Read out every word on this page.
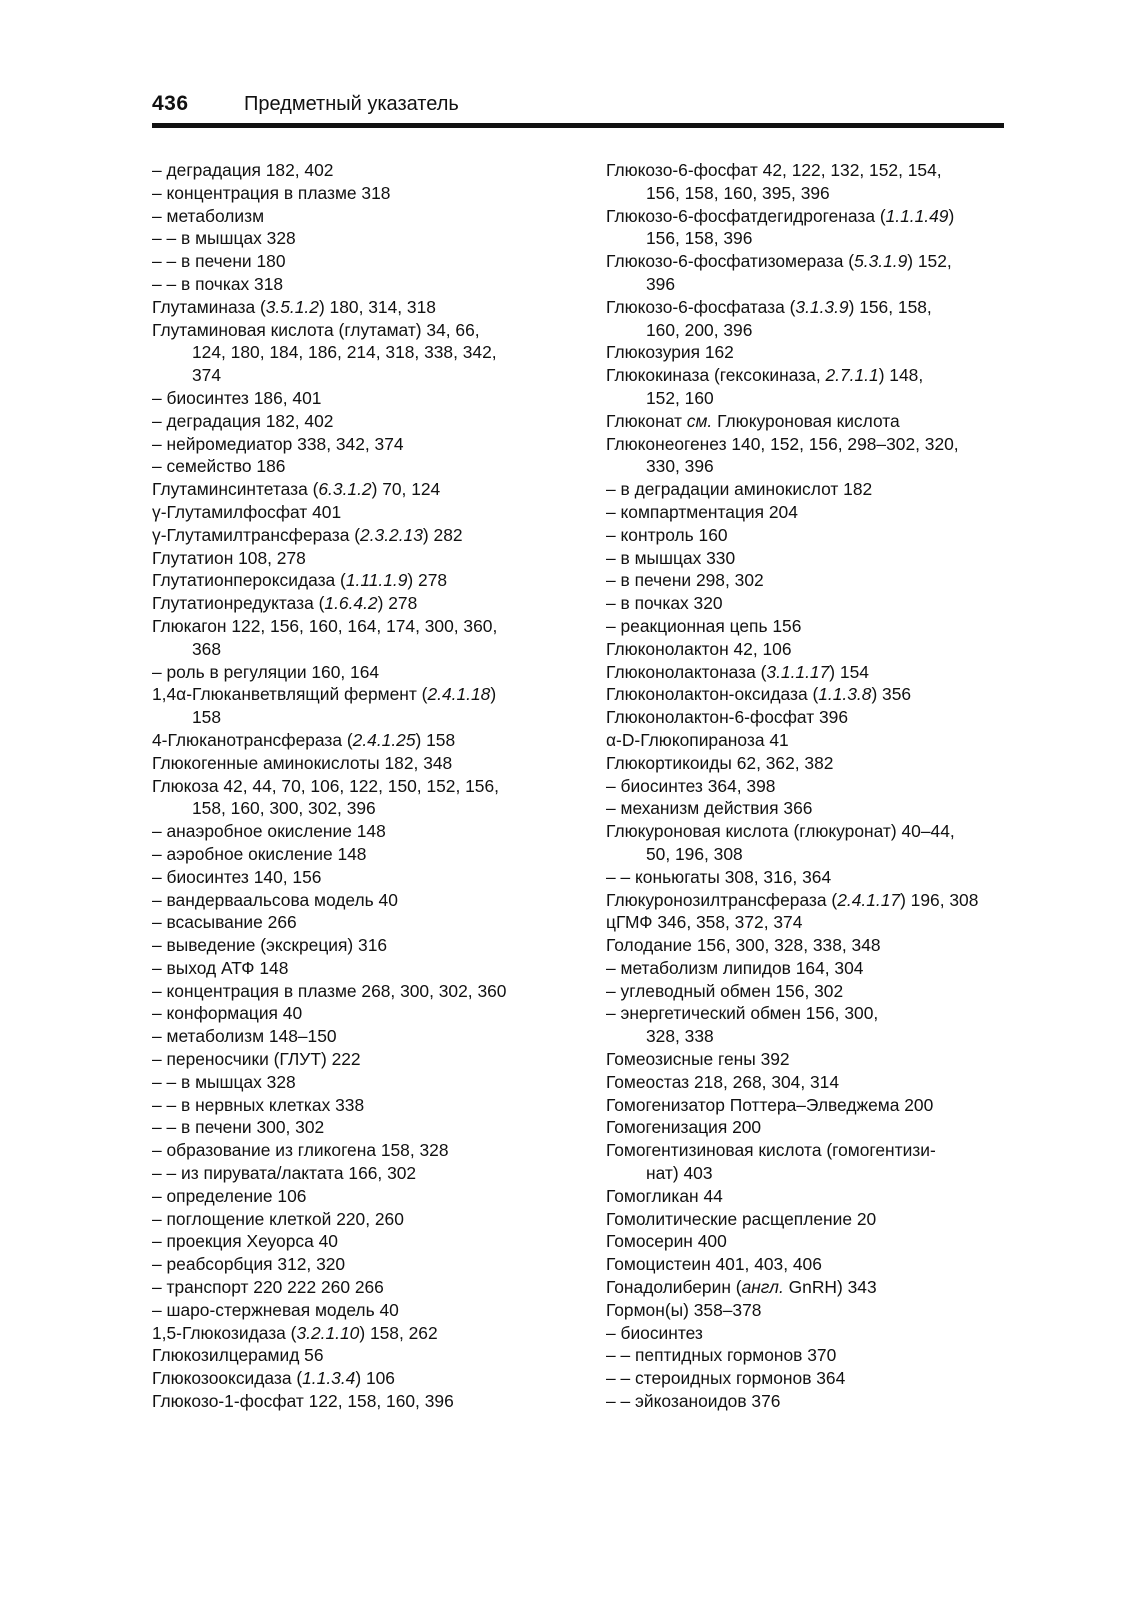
436	Предметный указатель
– деградация 182, 402
– концентрация в плазме 318
– метаболизм
– – в мышцах 328
– – в печени 180
– – в почках 318
Глутаминаза (3.5.1.2) 180, 314, 318
Глутаминовая кислота (глутамат) 34, 66,
124, 180, 184, 186, 214, 318, 338, 342,
374
– биосинтез 186, 401
– деградация 182, 402
– нейромедиатор 338, 342, 374
– семейство 186
Глутаминсинтетаза (6.3.1.2) 70, 124
γ-Глутамилфосфат 401
γ-Глутамилтрансфераза (2.3.2.13) 282
Глутатион 108, 278
Глутатионпероксидаза (1.11.1.9) 278
Глутатионредуктаза (1.6.4.2) 278
Глюкагон 122, 156, 160, 164, 174, 300, 360,
368
– роль в регуляции 160, 164
1,4α-Глюканветвлящий фермент (2.4.1.18)
158
4-Глюканотрансфераза (2.4.1.25) 158
Глюкогенные аминокислоты 182, 348
Глюкоза 42, 44, 70, 106, 122, 150, 152, 156,
158, 160, 300, 302, 396
– анаэробное окисление 148
– аэробное окисление 148
– биосинтез 140, 156
– вандерваальсова модель 40
– всасывание 266
– выведение (экскреция) 316
– выход АТФ 148
– концентрация в плазме 268, 300, 302, 360
– конформация 40
– метаболизм 148–150
– переносчики (ГЛУТ) 222
– – в мышцах 328
– – в нервных клетках 338
– – в печени 300, 302
– образование из гликогена 158, 328
– – из пирувата/лактата 166, 302
– определение 106
– поглощение клеткой 220, 260
– проекция Хеуорса 40
– реабсорбция 312, 320
– транспорт 220 222 260 266
– шаро-стержневая модель 40
1,5-Глюкозидаза (3.2.1.10) 158, 262
Глюкозилцерамид 56
Глюкозооксидаза (1.1.3.4) 106
Глюкозо-1-фосфат 122, 158, 160, 396
Глюкозо-6-фосфат 42, 122, 132, 152, 154,
156, 158, 160, 395, 396
Глюкозо-6-фосфатдегидрогеназа (1.1.1.49)
156, 158, 396
Глюкозо-6-фосфатизомераза (5.3.1.9) 152,
396
Глюкозо-6-фосфатаза (3.1.3.9) 156, 158,
160, 200, 396
Глюкозурия 162
Глюкокиназа (гексокиназа, 2.7.1.1) 148,
152, 160
Глюконат см. Глюкуроновая кислота
Глюконеогенез 140, 152, 156, 298–302, 320,
330, 396
– в деградации аминокислот 182
– компартментация 204
– контроль 160
– в мышцах 330
– в печени 298, 302
– в почках 320
– реакционная цепь 156
Глюконолактон 42, 106
Глюконолактоназа (3.1.1.17) 154
Глюконолактон-оксидаза (1.1.3.8) 356
Глюконолактон-6-фосфат 396
α-D-Глюкопираноза 41
Глюкортикоиды 62, 362, 382
– биосинтез 364, 398
– механизм действия 366
Глюкуроновая кислота (глюкуронат) 40–44,
50, 196, 308
– – коньюгаты 308, 316, 364
Глюкуронозилтрансфераза (2.4.1.17) 196, 308
цГМФ 346, 358, 372, 374
Голодание 156, 300, 328, 338, 348
– метаболизм липидов 164, 304
– углеводный обмен 156, 302
– энергетический обмен 156, 300,
328, 338
Гомеозисные гены 392
Гомеостаз 218, 268, 304, 314
Гомогенизатор Поттера–Элведжема 200
Гомогенизация 200
Гомогентизиновая кислота (гомогентизи-
нат) 403
Гомогликан 44
Гомолитические расщепление 20
Гомосерин 400
Гомоцистеин 401, 403, 406
Гонадолиберин (англ. GnRH) 343
Гормон(ы) 358–378
– биосинтез
– – пептидных гормонов 370
– – стероидных гормонов 364
– – эйкозаноидов 376
